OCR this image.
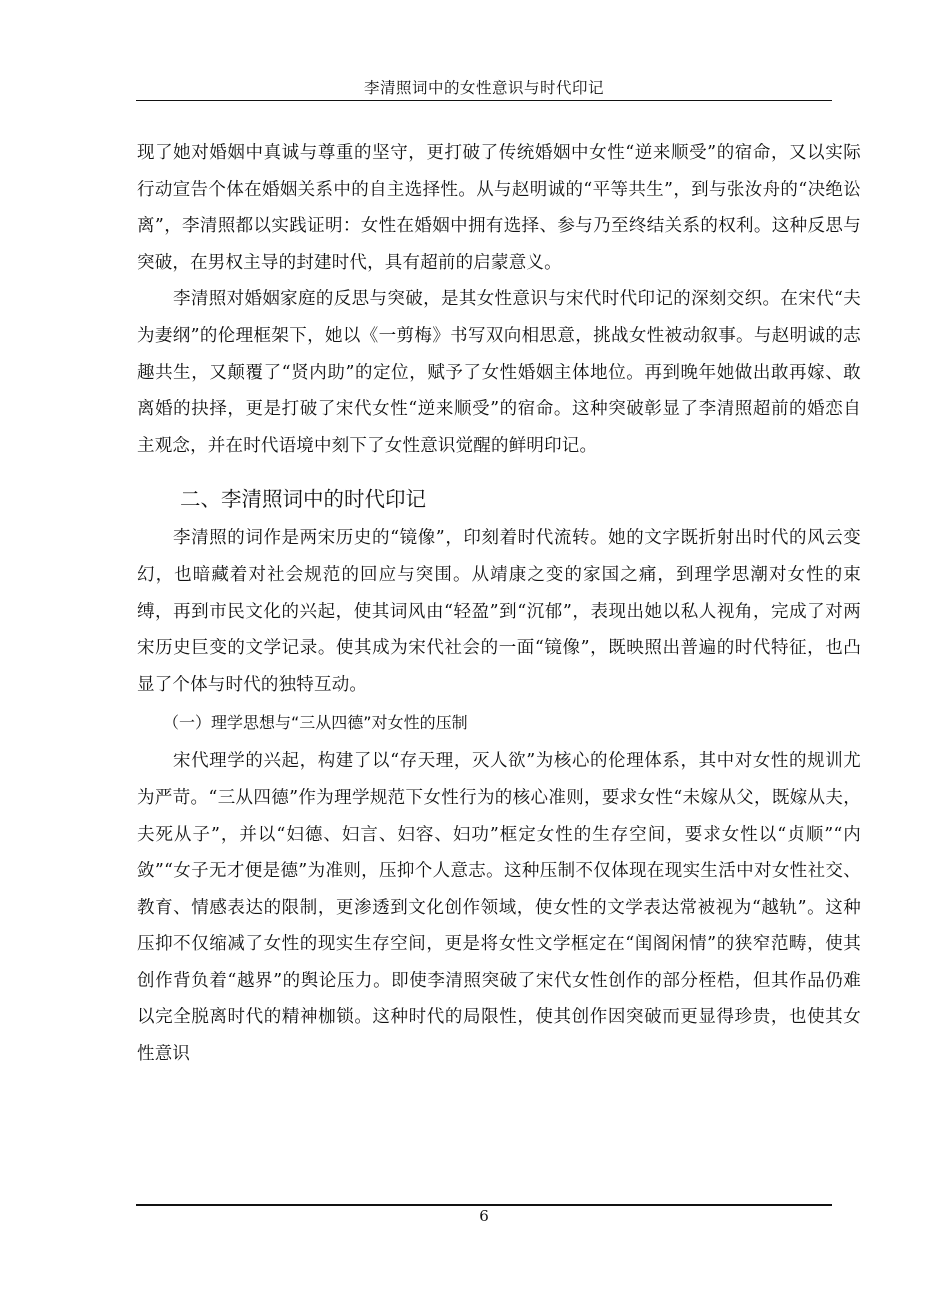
李清照词中的女性意识与时代印记

现了她对婚姻中真诚与尊重的坚守，更打破了传统婚姻中女性“逆来顺受”的宿命，又以实际行动宣告个体在婚姻关系中的自主选择性。从与赵明诚的“平等共生”，到与张汝舟的“决绝讼离”，李清照都以实践证明：女性在婚姻中拥有选择、参与乃至终结关系的权利。这种反思与突破，在男权主导的封建时代，具有超前的启蒙意义。

李清照对婚姻家庭的反思与突破，是其女性意识与宋代时代印记的深刻交织。在宋代“夫为妻纲”的伦理框架下，她以《一剪梅》书写双向相思意，挑战女性被动叙事。与赵明诚的志趣共生，又颠覆了“贤内助”的定位，赋予了女性婚姻主体地位。再到晚年她做出敢再嫁、敢离婚的抉择，更是打破了宋代女性“逆来顺受”的宿命。这种突破彰显了李清照超前的婚恋自主观念，并在时代语境中刻下了女性意识觉醒的鲜明印记。

二、李清照词中的时代印记

李清照的词作是两宋历史的“镜像”，印刻着时代流转。她的文字既折射出时代的风云变幻，也暗藏着对社会规范的回应与突围。从靖康之变的家国之痛，到理学思潮对女性的束缚，再到市民文化的兴起，使其词风由“轻盈”到“沉郁”，表现出她以私人视角，完成了对两宋历史巨变的文学记录。使其成为宋代社会的一面“镜像”，既映照出普遍的时代特征，也凸显了个体与时代的独特互动。

（一）理学思想与“三从四德”对女性的压制

宋代理学的兴起，构建了以“存天理，灭人欲”为核心的伦理体系，其中对女性的规训尤为严苛。“三从四德”作为理学规范下女性行为的核心准则，要求女性“未嫁从父，既嫁从夫，夫死从子”，并以“妇德、妇言、妇容、妇功”框定女性的生存空间，要求女性以“贞顺”“内敛”“女子无才便是德”为准则，压抑个人意志。这种压制不仅体现在现实生活中对女性社交、教育、情感表达的限制，更渗透到文化创作领域，使女性的文学表达常被视为“越轨”。这种压抑不仅缩减了女性的现实生存空间，更是将女性文学框定在“闺阁闲情”的狭窄范畴，使其创作背负着“越界”的舆论压力。即使李清照突破了宋代女性创作的部分桎梏，但其作品仍难以完全脱离时代的精神枷锁。这种时代的局限性，使其创作因突破而更显得珍贵，也使其女性意识

6
